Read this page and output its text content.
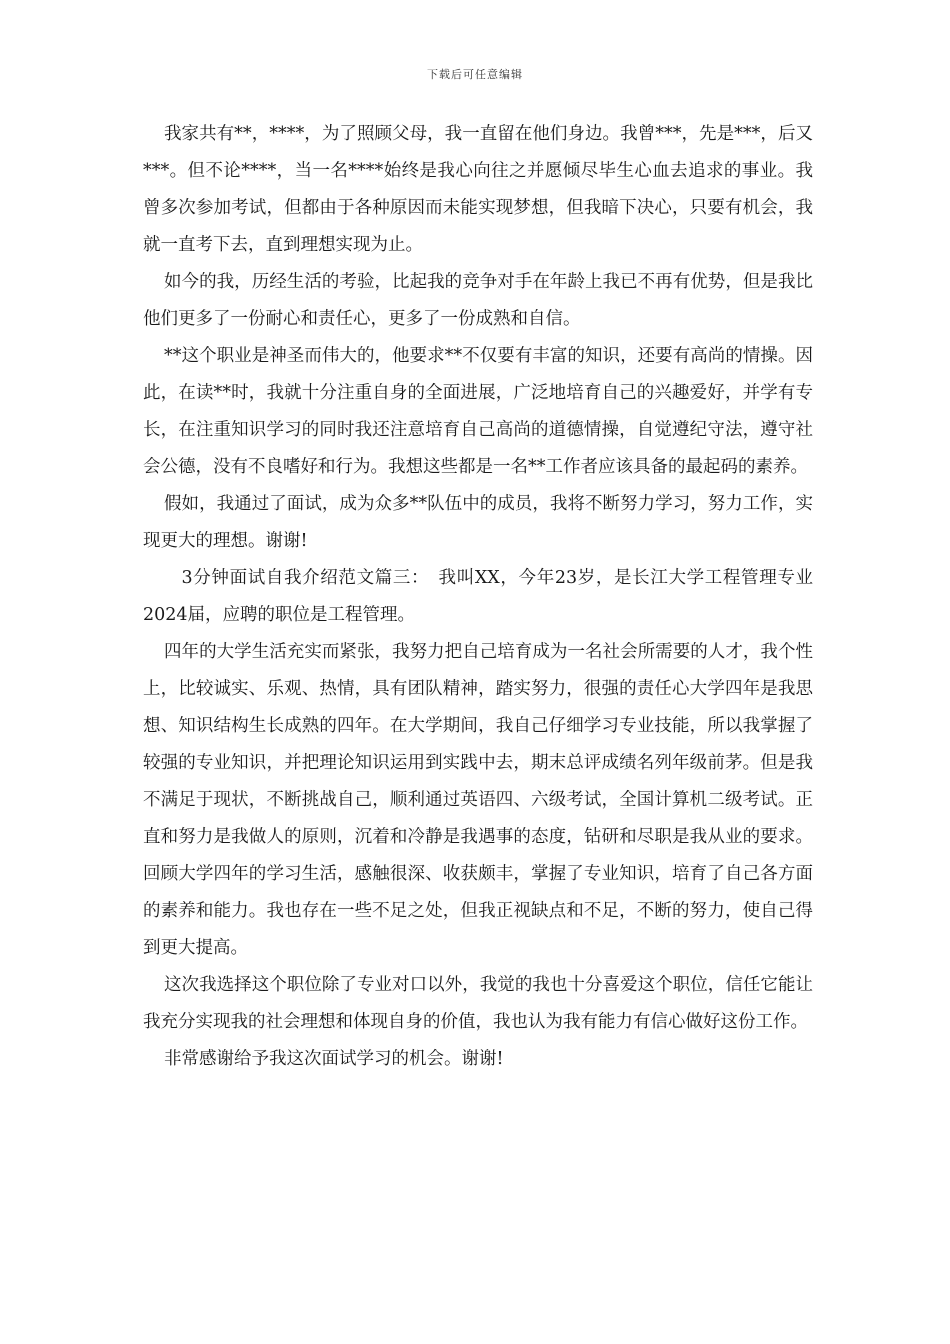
下载后可任意编辑

我家共有**，****，为了照顾父母，我一直留在他们身边。我曾***，先是***，后又***。但不论****，当一名****始终是我心向往之并愿倾尽毕生心血去追求的事业。我曾多次参加考试，但都由于各种原因而未能实现梦想，但我暗下决心，只要有机会，我就一直考下去，直到理想实现为止。

如今的我，历经生活的考验，比起我的竞争对手在年龄上我已不再有优势，但是我比他们更多了一份耐心和责任心，更多了一份成熟和自信。

**这个职业是神圣而伟大的，他要求**不仅要有丰富的知识，还要有高尚的情操。因此，在读**时，我就十分注重自身的全面进展，广泛地培育自己的兴趣爱好，并学有专长，在注重知识学习的同时我还注意培育自己高尚的道德情操，自觉遵纪守法，遵守社会公德，没有不良嗜好和行为。我想这些都是一名**工作者应该具备的最起码的素养。

假如，我通过了面试，成为众多**队伍中的成员，我将不断努力学习，努力工作，实现更大的理想。谢谢!

3分钟面试自我介绍范文篇三：　我叫XX，今年23岁，是长江大学工程管理专业2024届，应聘的职位是工程管理。

四年的大学生活充实而紧张，我努力把自己培育成为一名社会所需要的人才，我个性上，比较诚实、乐观、热情，具有团队精神，踏实努力，很强的责任心大学四年是我思想、知识结构生长成熟的四年。在大学期间，我自己仔细学习专业技能，所以我掌握了较强的专业知识，并把理论知识运用到实践中去，期末总评成绩名列年级前茅。但是我不满足于现状，不断挑战自己，顺利通过英语四、六级考试，全国计算机二级考试。正直和努力是我做人的原则，沉着和冷静是我遇事的态度，钻研和尽职是我从业的要求。回顾大学四年的学习生活，感触很深、收获颇丰，掌握了专业知识，培育了自己各方面的素养和能力。我也存在一些不足之处，但我正视缺点和不足，不断的努力，使自己得到更大提高。

这次我选择这个职位除了专业对口以外，我觉的我也十分喜爱这个职位，信任它能让我充分实现我的社会理想和体现自身的价值，我也认为我有能力有信心做好这份工作。

非常感谢给予我这次面试学习的机会。谢谢!
